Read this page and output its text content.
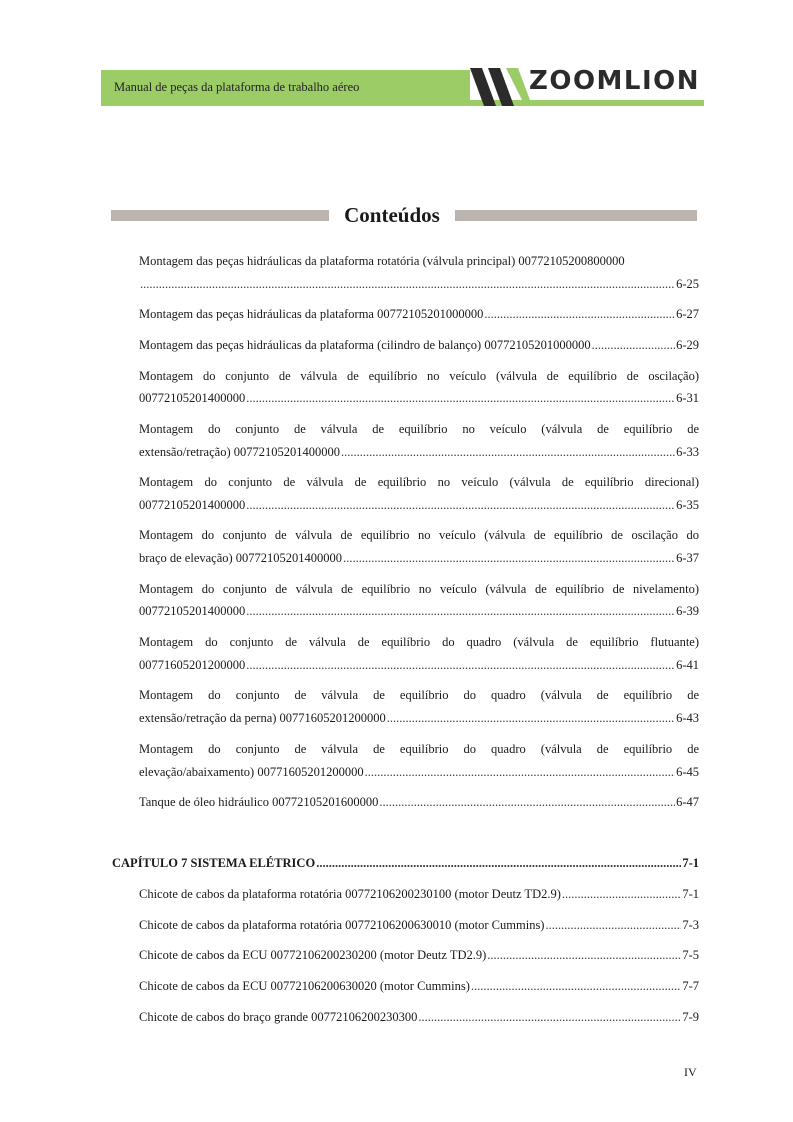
ZOOMLION
Manual de peças da plataforma de trabalho aéreo
Conteúdos
Montagem das peças hidráulicas da plataforma rotatória (válvula principal) 00772105200800000
.....
6-25
Montagem das peças hidráulicas da plataforma 00772105201000000 .....	6-27
Montagem das peças hidráulicas da plataforma (cilindro de balanço) 00772105201000000 .....	6-29
Montagem do conjunto de válvula de equilíbrio no veículo (válvula de equilíbrio de oscilação)
00772105201400000 .....	6-31
Montagem do conjunto de válvula de equilíbrio no veículo (válvula de equilíbrio de
extensão/retração) 00772105201400000 .....	6-33
Montagem do conjunto de válvula de equilíbrio no veículo (válvula de equilíbrio direcional)
00772105201400000 .....	6-35
Montagem do conjunto de válvula de equilíbrio no veículo (válvula de equilíbrio de oscilação do
braço de elevação) 00772105201400000 .....	6-37
Montagem do conjunto de válvula de equilíbrio no veículo (válvula de equilíbrio de nivelamento)
00772105201400000 .....	6-39
Montagem do conjunto de válvula de equilíbrio do quadro (válvula de equilíbrio flutuante)
00771605201200000 .....	6-41
Montagem do conjunto de válvula de equilíbrio do quadro (válvula de equilíbrio de
extensão/retração da perna) 00771605201200000 .....	6-43
Montagem do conjunto de válvula de equilíbrio do quadro (válvula de equilíbrio de
elevação/abaixamento) 00771605201200000 .....	6-45
Tanque de óleo hidráulico 00772105201600000 .....	6-47
CAPÍTULO 7 SISTEMA ELÉTRICO .....	7-1
Chicote de cabos da plataforma rotatória 00772106200230100 (motor Deutz TD2.9) .....	7-1
Chicote de cabos da plataforma rotatória 00772106200630010 (motor Cummins) .....	7-3
Chicote de cabos da ECU 00772106200230200 (motor Deutz TD2.9) .....	7-5
Chicote de cabos da ECU 00772106200630020 (motor Cummins) .....	7-7
Chicote de cabos do braço grande 00772106200230300 .....	7-9
IV
